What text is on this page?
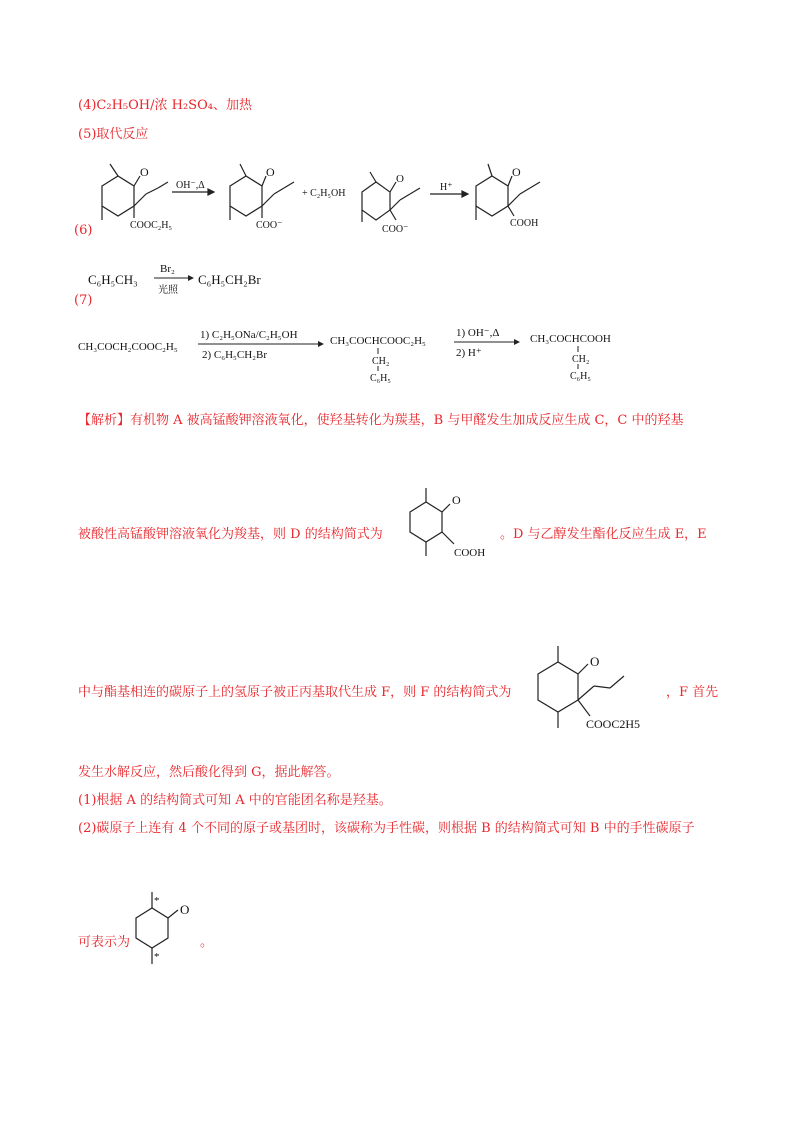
(4)C₂H₅OH/浓 H₂SO₄、加热
(5)取代反应
(6)
O
COOC₂H₅
OH⁻,Δ
O
COO⁻
+ C₂H₅OH
O
COO⁻
H⁺
O
COOH
(7)
C₆H₅CH₃
Br₂
光照
C₆H₅CH₂Br
CH₃COCH₂COOC₂H₅
1) C₂H₅ONa/C₂H₅OH
2) C₆H₅CH₂Br
CH₃COCHCOOC₂H₅
CH₂
C₆H₅
1) OH⁻,Δ
2) H⁺
CH₃COCHCOOH
CH₂
C₆H₅
【解析】有机物 A 被高锰酸钾溶液氧化，使羟基转化为羰基，B 与甲醛发生加成反应生成 C，C 中的羟基
被酸性高锰酸钾溶液氧化为羧基，则 D 的结构简式为
O
COOH
。D 与乙醇发生酯化反应生成 E，E
中与酯基相连的碳原子上的氢原子被正丙基取代生成 F，则 F 的结构简式为
O
COOC2H5
，F 首先
发生水解反应，然后酸化得到 G，据此解答。
(1)根据 A 的结构简式可知 A 中的官能团名称是羟基。
(2)碳原子上连有 4 个不同的原子或基团时，该碳称为手性碳，则根据 B 的结构简式可知 B 中的手性碳原子
可表示为
O
*
*
。
